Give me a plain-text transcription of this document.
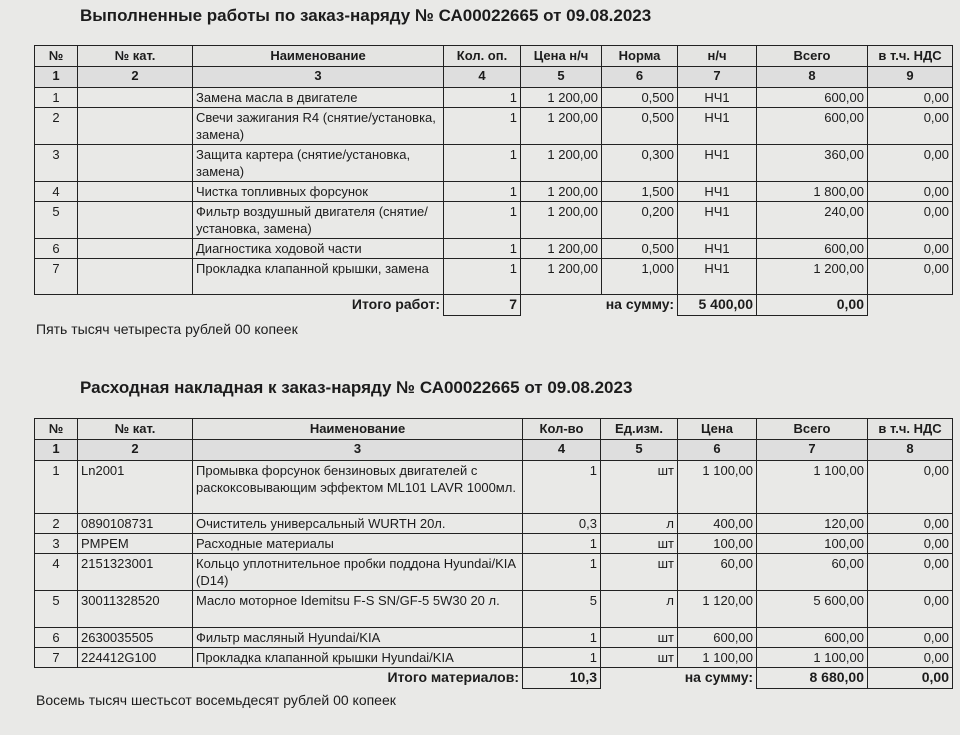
Выполненные работы по заказ-наряду № СА00022665 от 09.08.2023
№	№ кат.	Наименование	Кол. оп.	Цена н/ч	Норма	н/ч	Всего	в т.ч. НДС
1	2	3	4	5	6	7	8	9
1		Замена масла в двигателе	1	1 200,00	0,500	НЧ1	600,00	0,00
2		Свечи зажигания R4 (снятие/установка, замена)	1	1 200,00	0,500	НЧ1	600,00	0,00
3		Защита картера (снятие/установка, замена)	1	1 200,00	0,300	НЧ1	360,00	0,00
4		Чистка топливных форсунок	1	1 200,00	1,500	НЧ1	1 800,00	0,00
5		Фильтр воздушный двигателя (снятие/установка, замена)	1	1 200,00	0,200	НЧ1	240,00	0,00
6		Диагностика ходовой части	1	1 200,00	0,500	НЧ1	600,00	0,00
7		Прокладка клапанной крышки, замена	1	1 200,00	1,000	НЧ1	1 200,00	0,00
Итого работ:			7	на сумму:		5 400,00	0,00	
Пять тысяч четыреста рублей 00 копеек
Расходная накладная к заказ-наряду № СА00022665 от 09.08.2023
№	№ кат.	Наименование	Кол-во	Ед.изм.	Цена	Всего	в т.ч. НДС
1	2	3	4	5	6	7	8
1	Ln2001	Промывка форсунок бензиновых двигателей с раскоксовывающим эффектом ML101 LAVR 1000мл.	1	шт	1 100,00	1 100,00	0,00
2	0890108731	Очиститель универсальный WURTH 20л.	0,3	л	400,00	120,00	0,00
3	PMPEM	Расходные материалы	1	шт	100,00	100,00	0,00
4	2151323001	Кольцо уплотнительное пробки поддона Hyundai/KIA (D14)	1	шт	60,00	60,00	0,00
5	30011328520	Масло моторное Idemitsu F-S SN/GF-5 5W30 20 л.	5	л	1 120,00	5 600,00	0,00
6	2630035505	Фильтр масляный Hyundai/KIA	1	шт	600,00	600,00	0,00
7	224412G100	Прокладка клапанной крышки Hyundai/KIA	1	шт	1 100,00	1 100,00	0,00
Итого материалов:			10,3	на сумму:		8 680,00	0,00
Восемь тысяч шестьсот восемьдесят рублей 00 копеек
